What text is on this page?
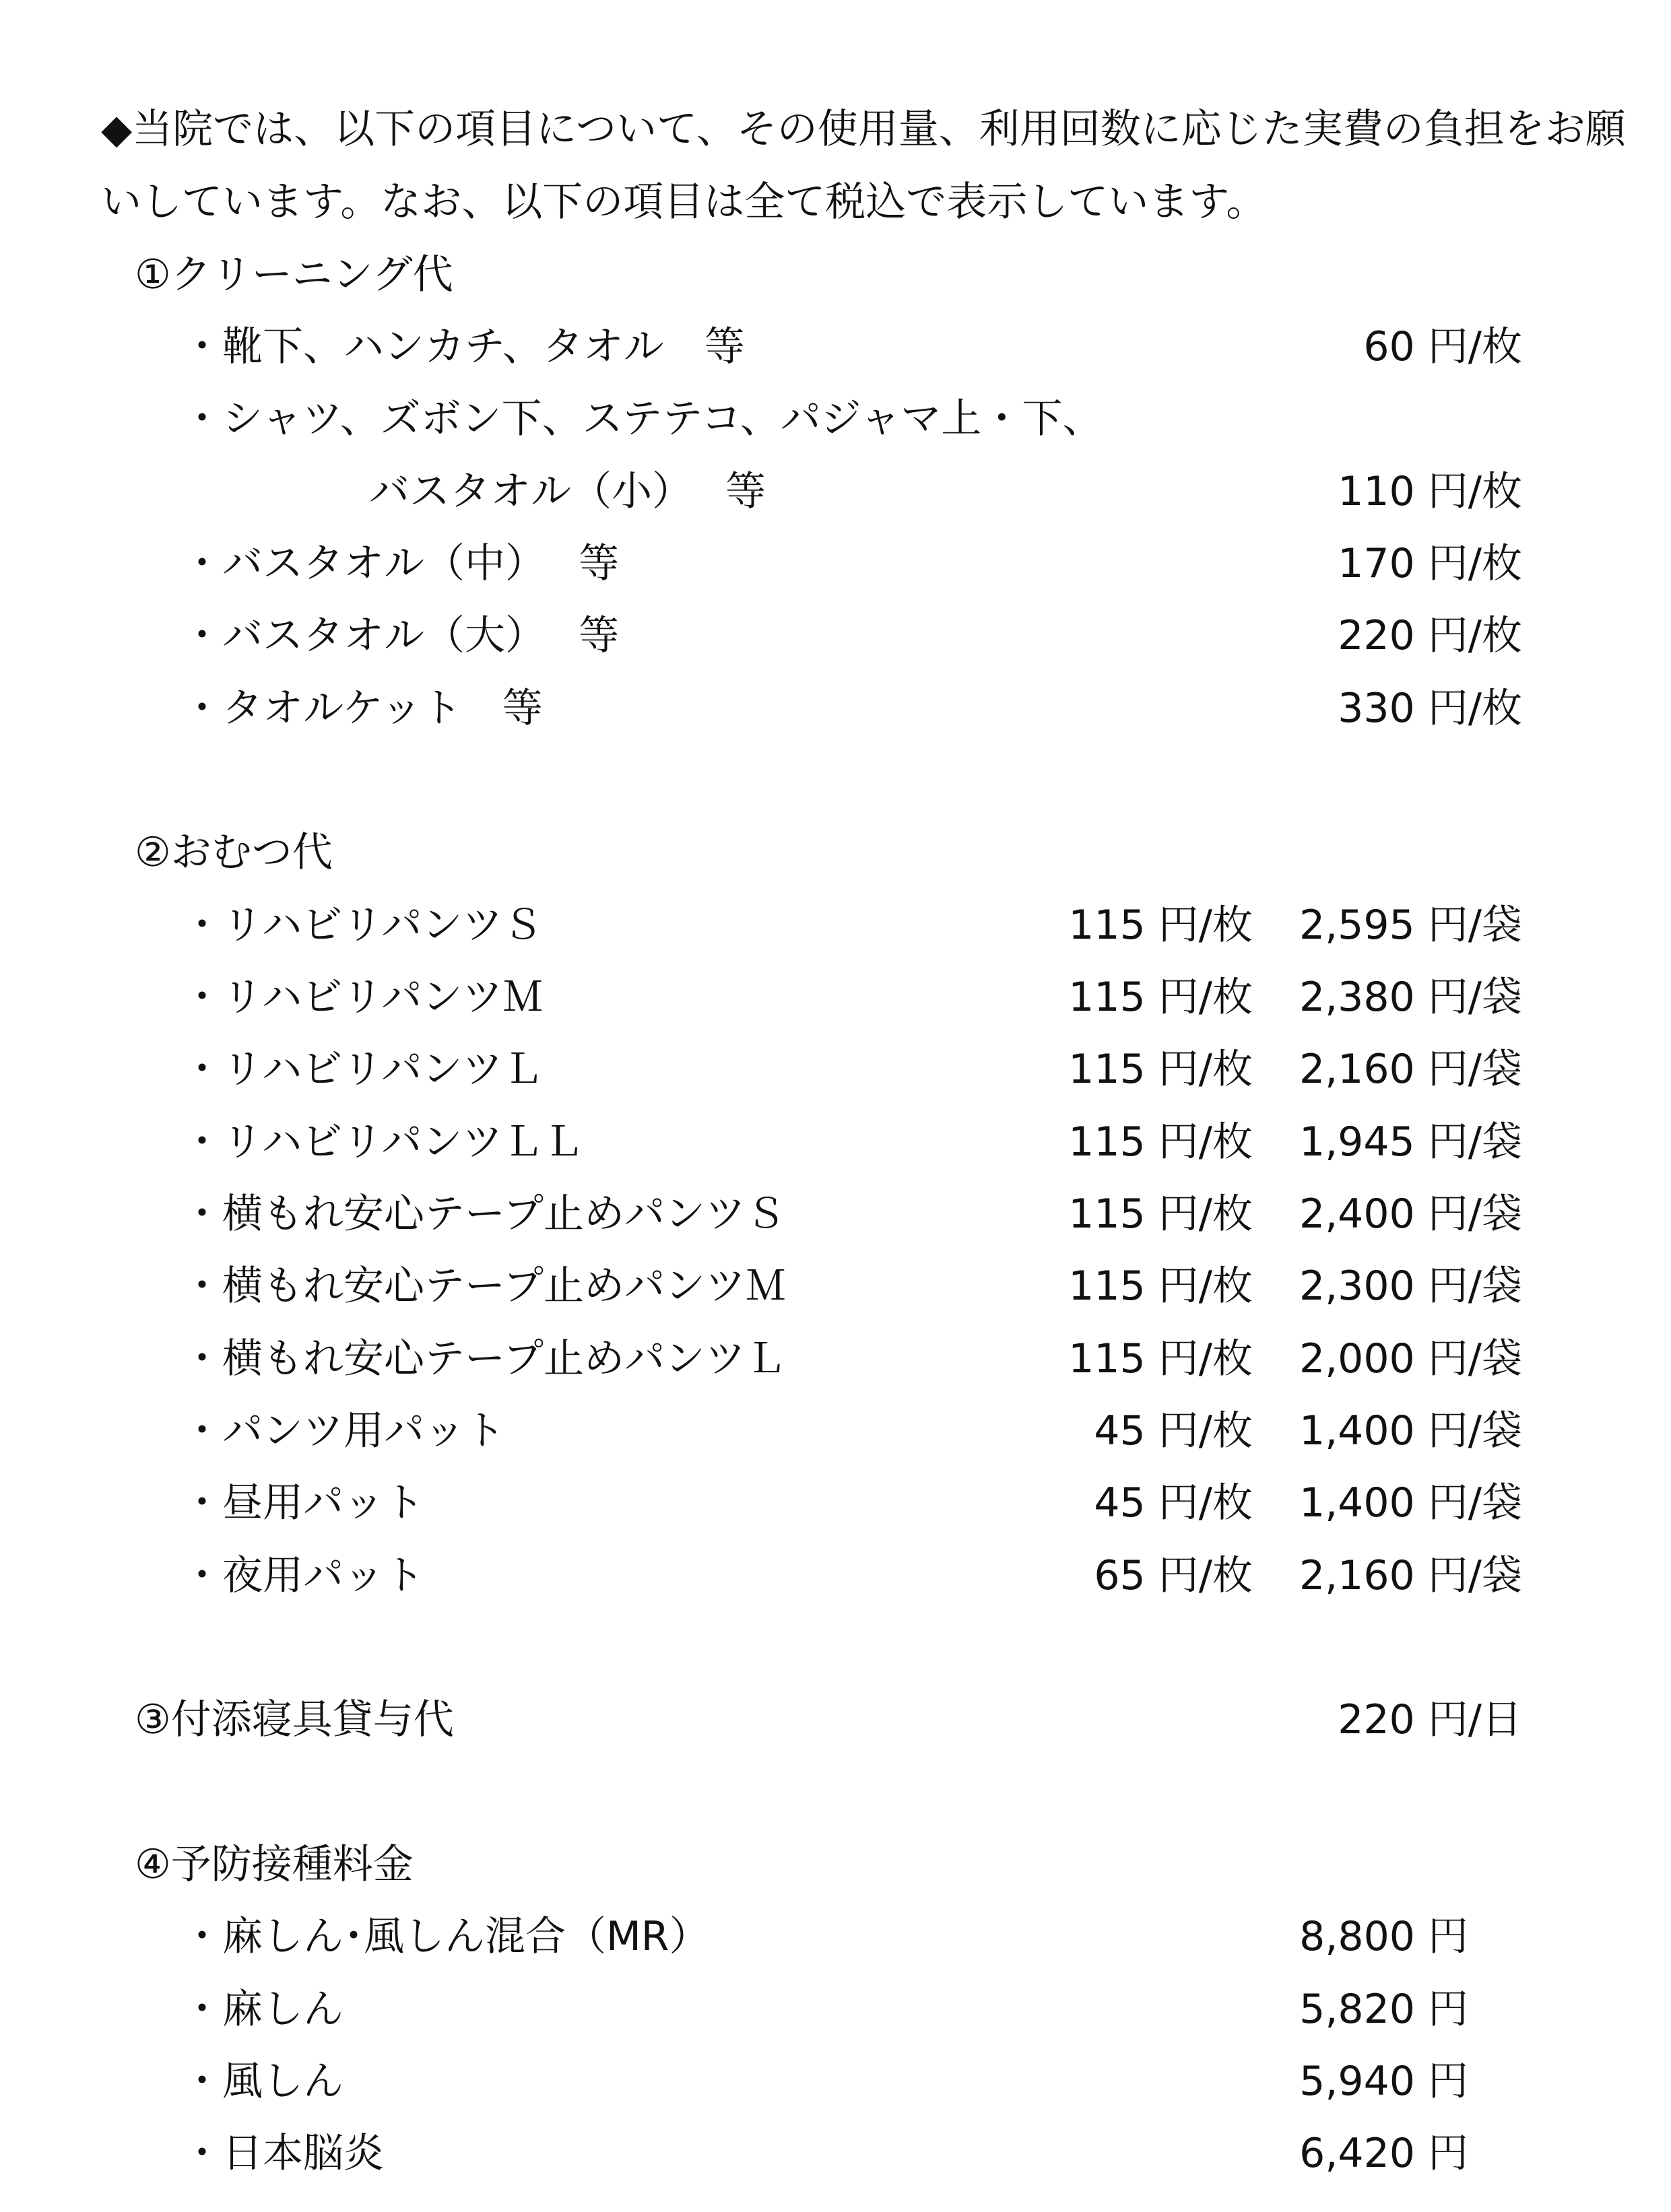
◆当院では、以下の項目について、その使用量、利用回数に応じた実費の負担をお願
いしています。なお、以下の項目は全て税込で表示しています。
①クリーニング代
・靴下、ハンカチ、タオル　等	60 円/枚
・シャツ、ズボン下、ステテコ、パジャマ上・下、
バスタオル（小）　 等	110 円/枚
・バスタオル（中）　 等	170 円/枚
・バスタオル（大）　 等	220 円/枚
・タオルケット　等	330 円/枚
②おむつ代
・リハビリパンツＳ	115 円/枚	2,595 円/袋
・リハビリパンツＭ	115 円/枚	2,380 円/袋
・リハビリパンツＬ	115 円/枚	2,160 円/袋
・リハビリパンツＬＬ	115 円/枚	1,945 円/袋
・横もれ安心テープ止めパンツＳ	115 円/枚	2,400 円/袋
・横もれ安心テープ止めパンツＭ	115 円/枚	2,300 円/袋
・横もれ安心テープ止めパンツＬ	115 円/枚	2,000 円/袋
・パンツ用パット	45 円/枚	1,400 円/袋
・昼用パット	45 円/枚	1,400 円/袋
・夜用パット	65 円/枚	2,160 円/袋
③付添寝具貸与代	220 円/日
④予防接種料金
・麻しん･風しん混合（MR）	8,800 円
・麻しん	5,820 円
・風しん	5,940 円
・日本脳炎	6,420 円
